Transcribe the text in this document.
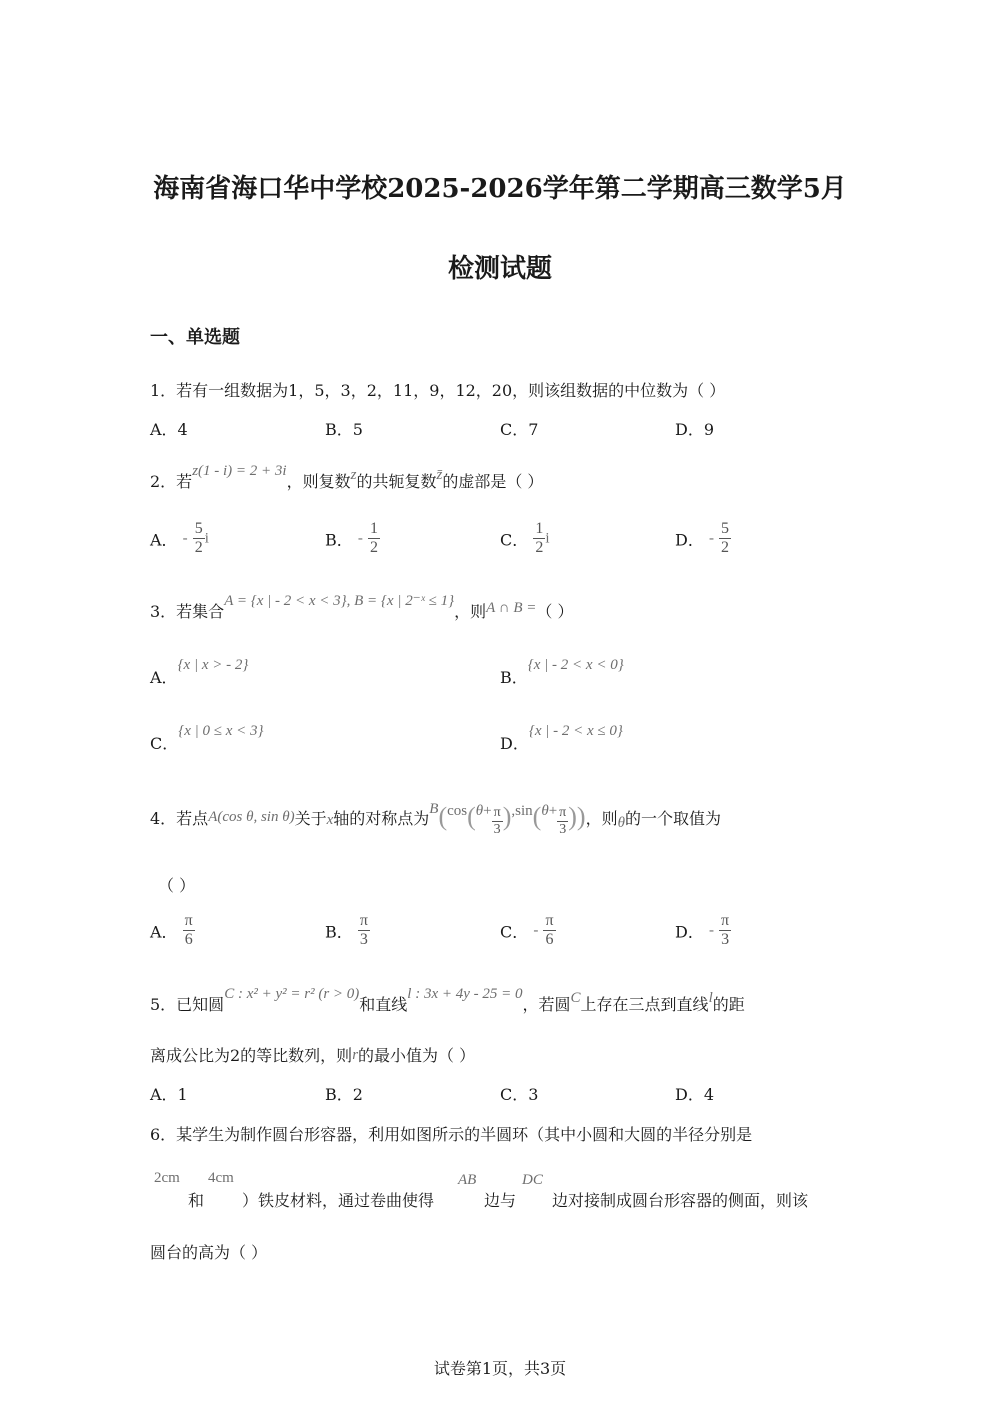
海南省海口华中学校2025-2026学年第二学期高三数学5月
检测试题
一、单选题
1．若有一组数据为1，5，3，2，11，9，12，20，则该组数据的中位数为（ ）
A．4	B．5	C．7	D．9
2．若z(1 - i) = 2 + 3i，则复数z的共轭复数z̄的虚部是（ ）
A． - $\frac{5}{2}$ i	B． - $\frac{1}{2}$	C． $\frac{1}{2}$ i	D． - $\frac{5}{2}$
3．若集合A = {x | - 2 < x < 3}, B = {x | 2⁻ˣ ≤ 1}，则A ∩ B =（ ）
A．{x | x > - 2}
B．{x | - 2 < x < 0}
C．{x | 0 ≤ x < 3}
D．{x | - 2 < x ≤ 0}
4．若点A(cos θ, sin θ)关于x轴的对称点为$B(\cos(\theta+ \frac{\pi}{3} ),\sin(\theta+ \frac{\pi}{3}$ ))，则θ的一个取值为
（ ）
A． $\frac{\pi}{6}$	B． $\frac{\pi}{3}$	C． - $\frac{\pi}{6}$	D． - $\frac{\pi}{3}$
5．已知圆C : x² + y² = r² (r > 0)和直线l : 3x + 4y - 25 = 0，若圆C上存在三点到直线l的距
离成公比为2的等比数列，则r的最小值为（ ）
A．1	B．2	C．3	D．4
6．某学生为制作圆台形容器，利用如图所示的半圆环（其中小圆和大圆的半径分别是
2cm
和
4cm
）铁皮材料，通过卷曲使得
AB
边与
DC
边对接制成圆台形容器的侧面，则该
圆台的高为（ ）
试卷第1页，共3页
